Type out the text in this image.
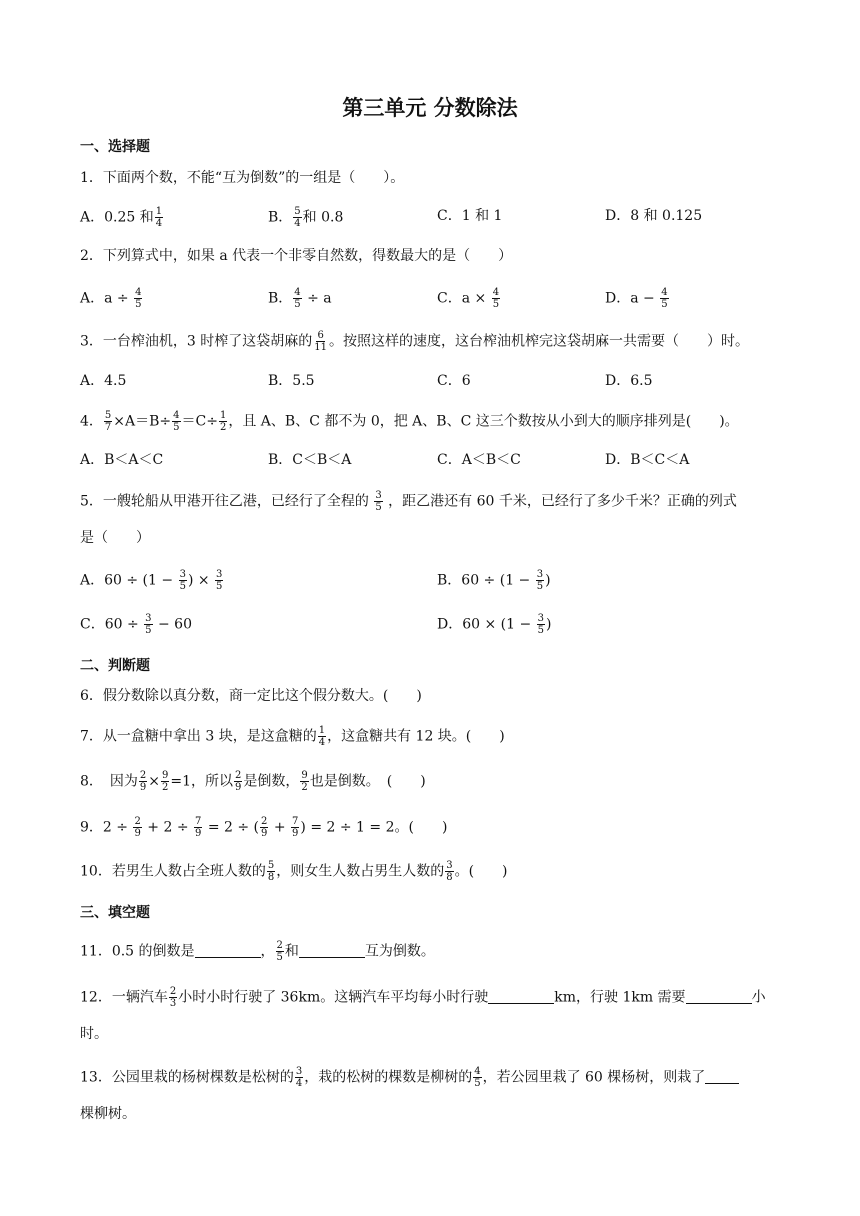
第三单元 分数除法
一、选择题
1．下面两个数，不能“互为倒数”的一组是（　　）。
A．0.25 和 $\frac{1}{4}$	B． $\frac{5}{4}$ 和 0.8	C．1 和 1	D．8 和 0.125
2．下列算式中，如果 a 代表一个非零自然数，得数最大的是（　　）
A．$a \div \frac{4}{5}$	B． $\frac{4}{5} \div a$	C．$a \times \frac{4}{5}$	D．$a - \frac{4}{5}$
3．一台榨油机，3 时榨了这袋胡麻的 $\frac{6}{11}$ 。按照这样的速度，这台榨油机榨完这袋胡麻一共需要（　　）时。
A．4.5	B．5.5	C．6	D．6.5
4． $\frac{5}{7} \times A=B\div \frac{4}{5} =C\div \frac{1}{2}$ ，且 A、B、C 都不为 0，把 A、B、C 这三个数按从小到大的顺序排列是(　　)。
A．B＜A＜C	B．C＜B＜A	C．A＜B＜C	D．B＜C＜A
5．一艘轮船从甲港开往乙港，已经行了全程的 $\frac{3}{5}$ ，距乙港还有 60 千米，已经行了多少千米？正确的列式
是（　　）
A．$60 \div (1 - \frac{3}{5}$ ) × $\frac{3}{5}$	B．$60 \div (1 - \frac{3}{5}$ )
C．$60 \div \frac{3}{5} - 60$	D．$60 \times (1 - \frac{3}{5}$ )
二、判断题
6．假分数除以真分数，商一定比这个假分数大。(　　)
7．从一盒糖中拿出 3 块，是这盒糖的 $\frac{1}{4}$ ，这盒糖共有 12 块。(　　)
8．　因为 $\frac{2}{9} \times \frac{9}{2} =1$，所以 $\frac{2}{9}$ 是倒数， $\frac{9}{2}$ 也是倒数。　(　　)
9．$2 \div \frac{2}{9} + 2 \div \frac{7}{9} = 2$ ÷ ( $\frac{2}{9} + \frac{7}{9}$ ) = 2 ÷ 1 = 2。(　　)
10．若男生人数占全班人数的 $\frac{5}{8}$ ，则女生人数占男生人数的 $\frac{3}{8}$ 。(　　)
三、填空题
11．0.5 的倒数是	， $\frac{2}{5}$ 和	互为倒数。
12．一辆汽车 $\frac{2}{3}$ 小时小时行驶了 36km。这辆汽车平均每小时行驶	km，行驶 1km 需要	小
时。
13．公园里栽的杨树棵数是松树的 $\frac{3}{4}$ ，栽的松树的棵数是柳树的 $\frac{4}{5}$ ，若公园里栽了 60 棵杨树，则栽了
棵柳树。
